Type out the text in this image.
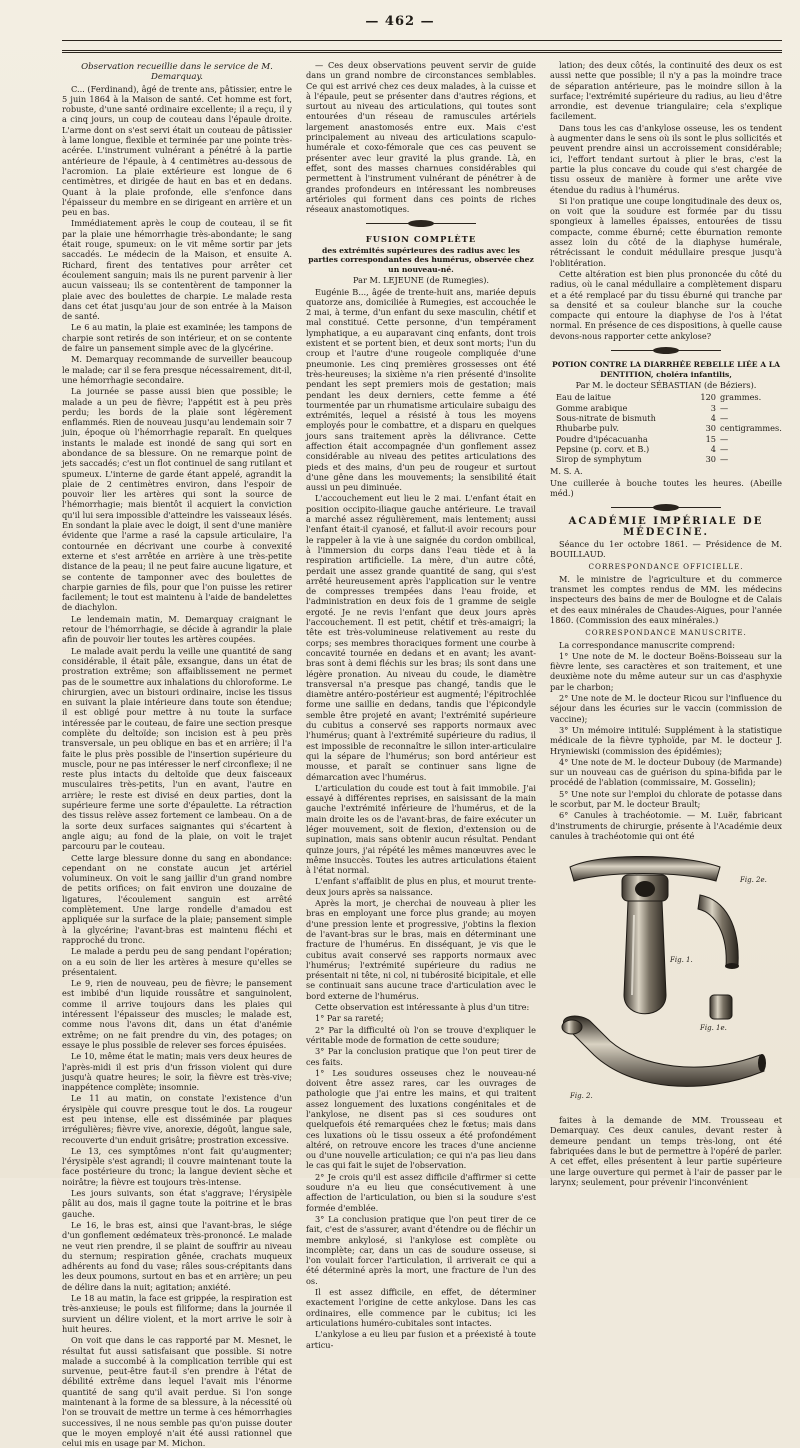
— 462 —

Observation recueillie dans le service de M. Demarquay.

C... (Ferdinand), âgé de trente ans, pâtissier, entre le 5 juin 1864 à la Maison de santé. Cet homme est fort, robuste, d'une santé ordinaire excellente; il a reçu, il y a cinq jours, un coup de couteau dans l'épaule droite. L'arme dont on s'est servi était un couteau de pâtissier à lame longue, flexible et terminée par une pointe très-acérée. L'instrument vulnérant a pénétré à la partie antérieure de l'épaule, à 4 centimètres au-dessous de l'acromion. La plaie extérieure est longue de 6 centimètres, et dirigée de haut en bas et en dedans. Quant à la plaie profonde, elle s'enfonce dans l'épaisseur du membre en se dirigeant en arrière et un peu en bas.

Immédiatement après le coup de couteau, il se fit par la plaie une hémorrhagie très-abondante; le sang était rouge, spumeux: on le vit même sortir par jets saccadés. Le médecin de la Maison, et ensuite A. Richard, firent des tentatives pour arrêter cet écoulement sanguin; mais ils ne purent parvenir à lier aucun vaisseau; ils se contentèrent de tamponner la plaie avec des boulettes de charpie. Le malade resta dans cet état jusqu'au jour de son entrée à la Maison de santé.

Le 6 au matin, la plaie est examinée; les tampons de charpie sont retirés de son intérieur, et on se contente de faire un pansement simple avec de la glycérine.

M. Demarquay recommande de surveiller beaucoup le malade; car il se fera presque nécessairement, dit-il, une hémorrhagie secondaire.

La journée se passe aussi bien que possible; le malade a un peu de fièvre; l'appétit est à peu près perdu; les bords de la plaie sont légèrement enflammés. Rien de nouveau jusqu'au lendemain soir 7 juin, époque où l'hémorrhagie reparaît. En quelques instants le malade est inondé de sang qui sort en abondance de sa blessure. On ne remarque point de jets saccadés; c'est un flot continuel de sang rutilant et spumeux. L'interne de garde étant appelé, agrandit la plaie de 2 centimètres environ, dans l'espoir de pouvoir lier les artères qui sont la source de l'hémorrhagie; mais bientôt il acquiert la conviction qu'il lui sera impossible d'atteindre les vaisseaux lésés. En sondant la plaie avec le doigt, il sent d'une manière évidente que l'arme a rasé la capsule articulaire, l'a contournée en décrivant une courbe à convexité externe et s'est arrêtée en arrière à une très-petite distance de la peau; il ne peut faire aucune ligature, et se contente de tamponner avec des boulettes de charpie garnies de fils, pour que l'on puisse les retirer facilement; le tout est maintenu à l'aide de bandelettes de diachylon.

Le lendemain matin, M. Demarquay craignant le retour de l'hémorrhagie, se décide à agrandir la plaie afin de pouvoir lier toutes les artères coupées.

Le malade avait perdu la veille une quantité de sang considérable, il était pâle, exsangue, dans un état de prostration extrême; son affaiblissement ne permet pas de le soumettre aux inhalations du chloroforme. Le chirurgien, avec un bistouri ordinaire, incise les tissus en suivant la plaie intérieure dans toute son étendue; il est obligé pour mettre à nu toute la surface intéressée par le couteau, de faire une section presque complète du deltoïde; son incision est à peu près transversale, un peu oblique en bas et en arrière; il l'a faite le plus près possible de l'insertion supérieure du muscle, pour ne pas intéresser le nerf circonflexe; il ne reste plus intacts du deltoïde que deux faisceaux musculaires très-petits, l'un en avant, l'autre en arrière; le reste est divisé en deux parties, dont la supérieure ferme une sorte d'épaulette. La rétraction des tissus relève assez fortement ce lambeau. On a de la sorte deux surfaces saignantes qui s'écartent à angle aigu; au fond de la plaie, on voit le trajet parcouru par le couteau.

Cette large blessure donne du sang en abondance: cependant on ne constate aucun jet artériel volumineux. On voit le sang jaillir d'un grand nombre de petits orifices; on fait environ une douzaine de ligatures, l'écoulement sanguin est arrêté complètement. Une large rondelle d'amadou est appliquée sur la surface de la plaie; pansement simple à la glycérine; l'avant-bras est maintenu fléchi et rapproché du tronc.

Le malade a perdu peu de sang pendant l'opération; on a eu soin de lier les artères à mesure qu'elles se présentaient.

Le 9, rien de nouveau, peu de fièvre; le pansement est imbibé d'un liquide roussâtre et sanguinolent, comme il arrive toujours dans les plaies qui intéressent l'épaisseur des muscles; le malade est, comme nous l'avons dit, dans un état d'anémie extrême; on ne fait prendre du vin, des potages; on essaye le plus possible de relever ses forces épuisées.

Le 10, même état le matin; mais vers deux heures de l'après-midi il est pris d'un frisson violent qui dure jusqu'à quatre heures; le soir, la fièvre est très-vive; inappétence complète; insomnie.

Le 11 au matin, on constate l'existence d'un érysipèle qui couvre presque tout le dos. La rougeur est peu intense, elle est disséminée par plaques irrégulières; fièvre vive, anorexie, dégoût, langue sale, recouverte d'un enduit grisâtre; prostration excessive.

Le 13, ces symptômes n'ont fait qu'augmenter; l'érysipèle s'est agrandi; il couvre maintenant toute la face postérieure du tronc; la langue devient sèche et noirâtre; la fièvre est toujours très-intense.

Les jours suivants, son état s'aggrave; l'érysipèle pâlit au dos, mais il gagne toute la poitrine et le bras gauche.

Le 16, le bras est, ainsi que l'avant-bras, le siége d'un gonflement œdémateux très-prononcé. Le malade ne veut rien prendre, il se plaint de souffrir au niveau du sternum; respiration gênée, crachats muqueux adhérents au fond du vase; râles sous-crépitants dans les deux poumons, surtout en bas et en arrière; un peu de délire dans la nuit; agitation; anxiété.

Le 18 au matin, la face est grippée, la respiration est très-anxieuse; le pouls est filiforme; dans la journée il survient un délire violent, et la mort arrive le soir à huit heures.

On voit que dans le cas rapporté par M. Mesnet, le résultat fut aussi satisfaisant que possible. Si notre malade a succombé à la complication terrible qui est survenue, peut-être faut-il s'en prendre à l'état de débilité extrême dans lequel l'avait mis l'énorme quantité de sang qu'il avait perdue. Si l'on songe maintenant à la forme de sa blessure, à la nécessité où l'on se trouvait de mettre un terme à ces hémorrhagies successives, il ne nous semble pas qu'on puisse douter que le moyen employé n'ait été aussi rationnel que celui mis en usage par M. Michon.

— Ces deux observations peuvent servir de guide dans un grand nombre de circonstances semblables. Ce qui est arrivé chez ces deux malades, à la cuisse et à l'épaule, peut se présenter dans d'autres régions, et surtout au niveau des articulations, qui toutes sont entourées d'un réseau de ramuscules artériels largement anastomosés entre eux. Mais c'est principalement au niveau des articulations scapulo-humérale et coxo-fémorale que ces cas peuvent se présenter avec leur gravité la plus grande. Là, en effet, sont des masses charnues considérables qui permettent à l'instrument vulnérant de pénétrer à de grandes profondeurs en intéressant les nombreuses artérioles qui forment dans ces points de riches réseaux anastomotiques.

FUSION COMPLÈTE

des extrémités supérieures des radius avec les parties correspondantes des humérus, observée chez un nouveau-né.

Par M. LEJEUNE (de Rumegies).

Eugénie B..., âgée de trente-huit ans, mariée depuis quatorze ans, domiciliée à Rumegies, est accouchée le 2 mai, à terme, d'un enfant du sexe masculin, chétif et mal constitué. Cette personne, d'un tempérament lymphatique, a eu auparavant cinq enfants, dont trois existent et se portent bien, et deux sont morts; l'un du croup et l'autre d'une rougeole compliquée d'une pneumonie. Les cinq premières grossesses ont été très-heureuses; la sixième n'a rien présenté d'insolite pendant les sept premiers mois de gestation; mais pendant les deux derniers, cette femme a été tourmentée par un rhumatisme articulaire subaigu des extrémités, lequel a résisté à tous les moyens employés pour le combattre, et a disparu en quelques jours sans traitement après la délivrance. Cette affection était accompagnée d'un gonflement assez considérable au niveau des petites articulations des pieds et des mains, d'un peu de rougeur et surtout d'une gêne dans les mouvements; la sensibilité était aussi un peu diminuée.

L'accouchement eut lieu le 2 mai. L'enfant était en position occipito-iliaque gauche antérieure. Le travail a marché assez régulièrement, mais lentement; aussi l'enfant était-il cyanosé, et fallut-il avoir recours pour le rappeler à la vie à une saignée du cordon ombilical, à l'immersion du corps dans l'eau tiède et à la respiration artificielle. La mère, d'un autre côté, perdait une assez grande quantité de sang, qui s'est arrêté heureusement après l'application sur le ventre de compresses trempées dans l'eau froide, et l'administration en deux fois de 1 gramme de seigle ergoté. Je ne revis l'enfant que deux jours après l'accouchement. Il est petit, chétif et très-amaigri; la tête est très-volumineuse relativement au reste du corps; ses membres thoraciques forment une courbe à concavité tournée en dedans et en avant; les avant-bras sont à demi fléchis sur les bras; ils sont dans une légère pronation. Au niveau du coude, le diamètre transversal n'a presque pas changé, tandis que le diamètre antéro-postérieur est augmenté; l'épitrochlée forme une saillie en dedans, tandis que l'épicondyle semble être projeté en avant; l'extrémité supérieure du cubitus a conservé ses rapports normaux avec l'humérus; quant à l'extrémité supérieure du radius, il est impossible de reconnaître le sillon inter-articulaire qui la sépare de l'humérus; son bord antérieur est mousse, et paraît se continuer sans ligne de démarcation avec l'humérus.

L'articulation du coude est tout à fait immobile. J'ai essayé à différentes reprises, en saisissant de la main gauche l'extrémité inférieure de l'humérus, et de la main droite les os de l'avant-bras, de faire exécuter un léger mouvement, soit de flexion, d'extension ou de supination, mais sans obtenir aucun résultat. Pendant quinze jours, j'ai répété les mêmes manœuvres avec le même insuccès. Toutes les autres articulations étaient à l'état normal.

L'enfant s'affaiblit de plus en plus, et mourut trente-deux jours après sa naissance.

Après la mort, je cherchai de nouveau à plier les bras en employant une force plus grande; au moyen d'une pression lente et progressive, j'obtins la flexion de l'avant-bras sur le bras, mais en déterminant une fracture de l'humérus. En disséquant, je vis que le cubitus avait conservé ses rapports normaux avec l'humérus; l'extrémité supérieure du radius ne présentait ni tête, ni col, ni tubérosité bicipitale, et elle se continuait sans aucune trace d'articulation avec le bord externe de l'humérus.

Cette observation est intéressante à plus d'un titre:

1° Par sa rareté;

2° Par la difficulté où l'on se trouve d'expliquer le véritable mode de formation de cette soudure;

3° Par la conclusion pratique que l'on peut tirer de ces faits.

1° Les soudures osseuses chez le nouveau-né doivent être assez rares, car les ouvrages de pathologie que j'ai entre les mains, et qui traitent assez longuement des luxations congénitales et de l'ankylose, ne disent pas si ces soudures ont quelquefois été remarquées chez le fœtus; mais dans ces luxations où le tissu osseux a été profondément altéré, on retrouve encore les traces d'une ancienne ou d'une nouvelle articulation; ce qui n'a pas lieu dans le cas qui fait le sujet de l'observation.

2° Je crois qu'il est assez difficile d'affirmer si cette soudure n'a eu lieu que consécutivement à une affection de l'articulation, ou bien si la soudure s'est formée d'emblée.

3° La conclusion pratique que l'on peut tirer de ce fait, c'est de s'assurer, avant d'étendre ou de fléchir un membre ankylosé, si l'ankylose est complète ou incomplète; car, dans un cas de soudure osseuse, si l'on voulait forcer l'articulation, il arriverait ce qui a été déterminé après la mort, une fracture de l'un des os.

Il est assez difficile, en effet, de déterminer exactement l'origine de cette ankylose. Dans les cas ordinaires, elle commence par le cubitus; ici les articulations huméro-cubitales sont intactes.

L'ankylose a eu lieu par fusion et a préexisté à toute articu-

lation; des deux côtés, la continuité des deux os est aussi nette que possible; il n'y a pas la moindre trace de séparation antérieure, pas le moindre sillon à la surface; l'extrémité supérieure du radius, au lieu d'être arrondie, est devenue triangulaire; cela s'explique facilement.

Dans tous les cas d'ankylose osseuse, les os tendent à augmenter dans le sens où ils sont le plus sollicités et peuvent prendre ainsi un accroissement considérable; ici, l'effort tendant surtout à plier le bras, c'est la partie la plus concave du coude qui s'est chargée de tissu osseux de manière à former une arête vive étendue du radius à l'humérus.

Si l'on pratique une coupe longitudinale des deux os, on voit que la soudure est formée par du tissu spongieux à lamelles épaisses, entourées de tissu compacte, comme éburné; cette éburnation remonte assez loin du côté de la diaphyse humérale, rétrécissant le conduit médullaire presque jusqu'à l'oblitération.

Cette altération est bien plus prononcée du côté du radius, où le canal médullaire a complètement disparu et a été remplacé par du tissu éburné qui tranche par sa densité et sa couleur blanche sur la couche compacte qui entoure la diaphyse de l'os à l'état normal. En présence de ces dispositions, à quelle cause devons-nous rapporter cette ankylose?

POTION CONTRE LA DIARRHÉE REBELLE LIÉE A LA DENTITION, choléra infantilis,

Par M. le docteur SÉBASTIAN (de Béziers).

Eau de laitue	120	grammes.
Gomme arabique	3	—
Sous-nitrate de bismuth	4	—
Rhubarbe pulv.	30	centigrammes.
Poudre d'ipécacuanha	15	—
Pepsine (p. corv. et B.)	4	—
Sirop de symphytum	30	—

M. S. A.

Une cuillerée à bouche toutes les heures. (Abeille méd.)

ACADÉMIE IMPÉRIALE DE MÉDECINE.

Séance du 1er octobre 1861. — Présidence de M. BOUILLAUD.

CORRESPONDANCE OFFICIELLE.

M. le ministre de l'agriculture et du commerce transmet les comptes rendus de MM. les médecins inspecteurs des bains de mer de Boulogne et de Calais et des eaux minérales de Chaudes-Aigues, pour l'année 1860. (Commission des eaux minérales.)

CORRESPONDANCE MANUSCRITE.

La correspondance manuscrite comprend:

1° Une note de M. le docteur Boëns-Boisseau sur la fièvre lente, ses caractères et son traitement, et une deuxième note du même auteur sur un cas d'asphyxie par le charbon;

2° Une note de M. le docteur Ricou sur l'influence du séjour dans les écuries sur le vaccin (commission de vaccine);

3° Un mémoire intitulé: Supplément à la statistique médicale de la fièvre typhoïde, par M. le docteur J. Hryniewiski (commission des épidémies);

4° Une note de M. le docteur Dubouy (de Marmande) sur un nouveau cas de guérison du spina-bifida par le procédé de l'ablation (commissaire, M. Gosselin);

5° Une note sur l'emploi du chlorate de potasse dans le scorbut, par M. le docteur Brault;

6° Canules à trachéotomie. — M. Luër, fabricant d'instruments de chirurgie, présente à l'Académie deux canules à trachéotomie qui ont été

Fig. 2e.
Fig. 1.
Fig. 1e.
Fig. 2.

faites à la demande de MM. Trousseau et Demarquay. Ces deux canules, devant rester à demeure pendant un temps très-long, ont été fabriquées dans le but de permettre à l'opéré de parler. A cet effet, elles présentent à leur partie supérieure une large ouverture qui permet à l'air de passer par le larynx; seulement, pour prévenir l'inconvénient
